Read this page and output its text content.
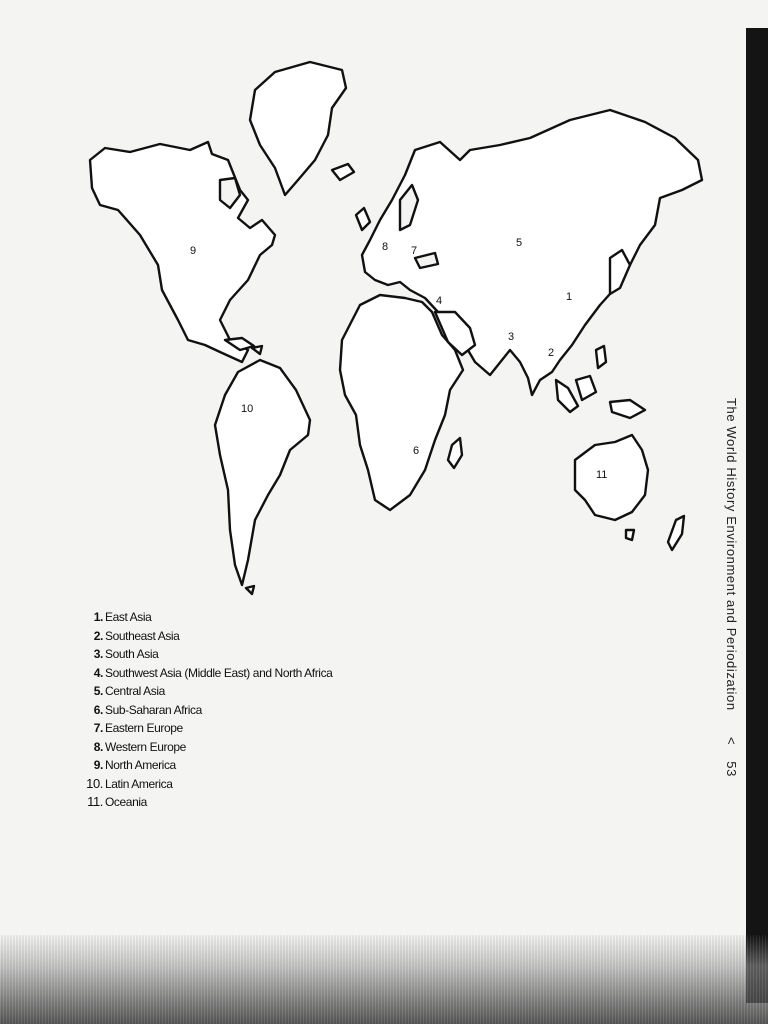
1
2
3
4
5
6
7
8
9
10
11
1. East Asia
2. Southeast Asia
3. South Asia
4. Southwest Asia (Middle East) and North Africa
5. Central Asia
6. Sub-Saharan Africa
7. Eastern Europe
8. Western Europe
9. North America
10. Latin America
11. Oceania
The World History Environment and Periodization < 53
